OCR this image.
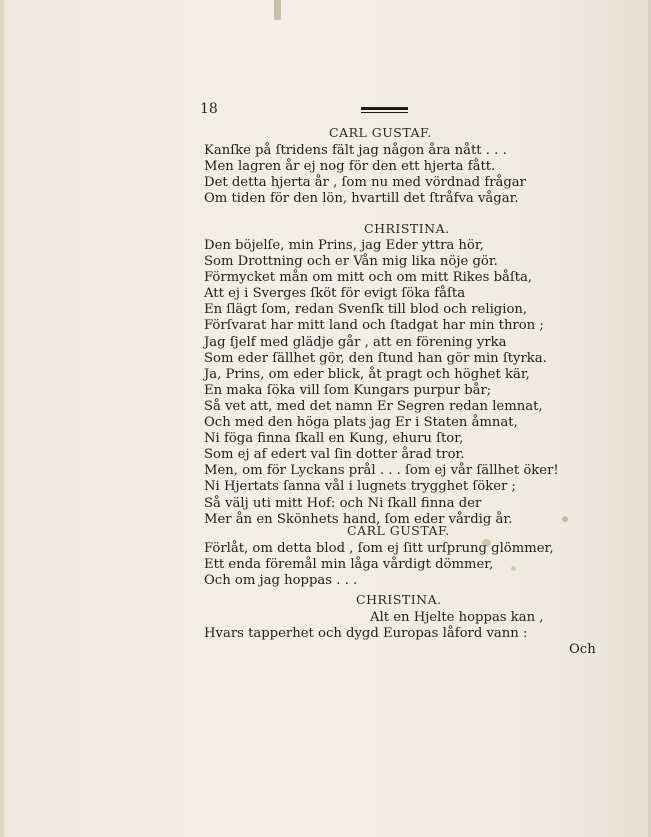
18
CARL GUSTAF.
Kanſke på ſtridens fält jag någon åra nått . . .
Men lagren år ej nog för den ett hjerta fått.
Det detta hjerta år , ſom nu med vördnad frågar
Om tiden för den lön, hvartill det ſtråfva vågar.
CHRISTINA.
Den böjelſe, min Prins, jag Eder yttra hör,
Som Drottning och er Vån mig lika nöje gör.
Förmycket mån om mitt och om mitt Rikes båſta,
Att ej i Sverges ſköt för evigt ſöka fåſta
En ſlägt ſom, redan Svenſk till blod och religion,
Förſvarat har mitt land och ſtadgat har min thron ;
Jag ſjelf med glädje går , att en förening yrka
Som eder ſällhet gör, den ſtund han gör min ſtyrka.
Ja, Prins, om eder blick, åt pragt och höghet kär,
En maka ſöka vill ſom Kungars purpur bår;
Så vet att, med det namn Er Segren redan lemnat,
Och med den höga plats jag Er i Staten åmnat,
Ni föga finna ſkall en Kung, ehuru ſtor,
Som ej af edert val ſin dotter årad tror.
Men, om för Lyckans prål . . . ſom ej vår ſällhet öker!
Ni Hjertats ſanna vål i lugnets trygghet ſöker ;
Så välj uti mitt Hof: och Ni ſkall finna der
Mer ån en Skönhets hand, ſom eder vårdig år.
CARL GUSTAF.
Förlåt, om detta blod , ſom ej ſitt urſprung glömmer,
Ett enda föremål min låga vårdigt dömmer,
Och om jag hoppas . . .
CHRISTINA.
Alt en Hjelte hoppas kan ,
Hvars tapperhet och dygd Europas låford vann :
Och
